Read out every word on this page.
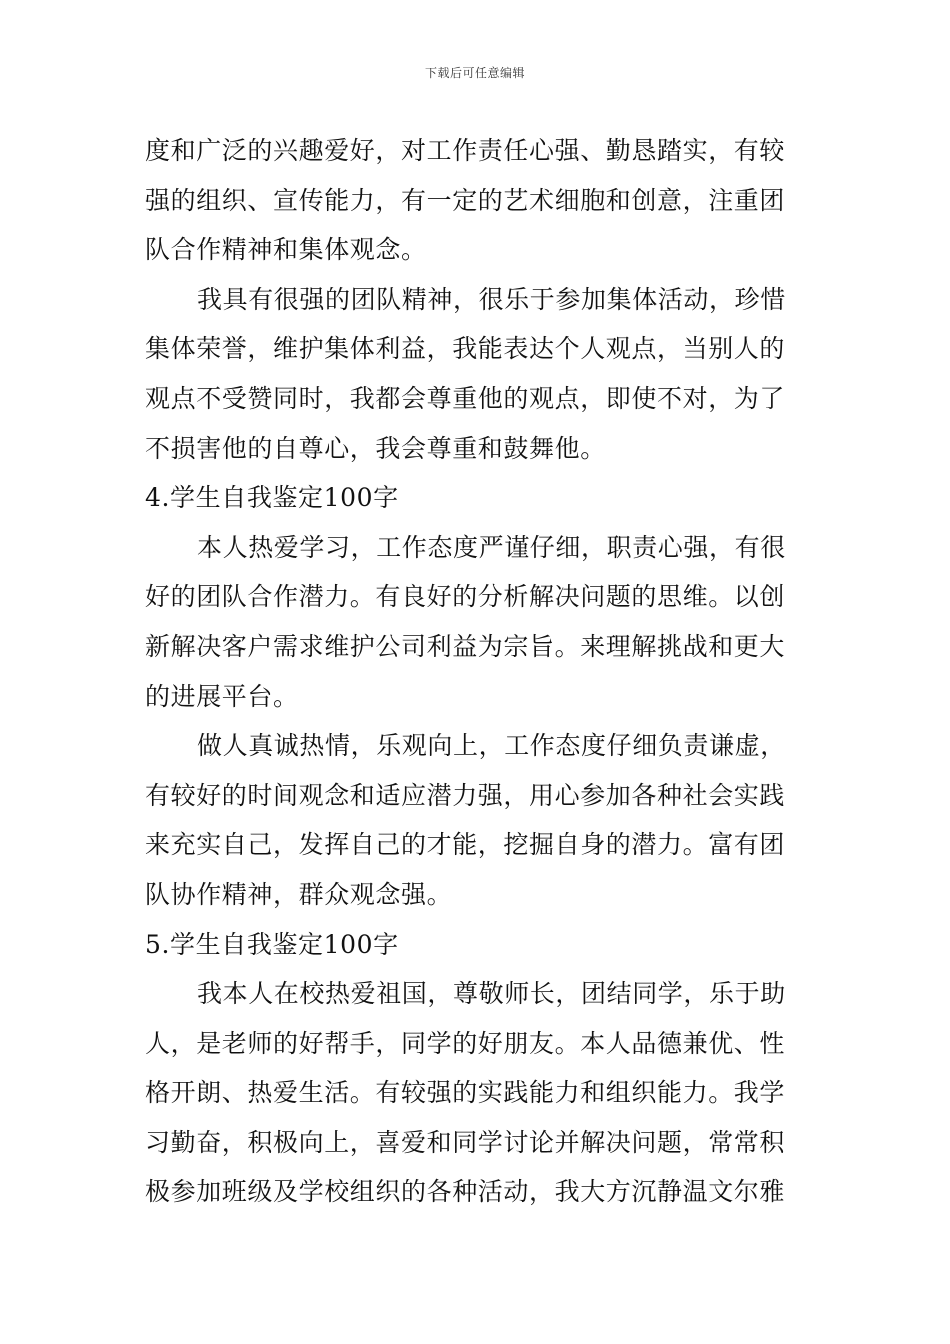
下载后可任意编辑
度和广泛的兴趣爱好，对工作责任心强、勤恳踏实，有较
强的组织、宣传能力，有一定的艺术细胞和创意，注重团
队合作精神和集体观念。
我具有很强的团队精神，很乐于参加集体活动，珍惜
集体荣誉，维护集体利益，我能表达个人观点，当别人的
观点不受赞同时，我都会尊重他的观点，即使不对，为了
不损害他的自尊心，我会尊重和鼓舞他。
4.学生自我鉴定100字
本人热爱学习，工作态度严谨仔细，职责心强，有很
好的团队合作潜力。有良好的分析解决问题的思维。以创
新解决客户需求维护公司利益为宗旨。来理解挑战和更大
的进展平台。
做人真诚热情，乐观向上，工作态度仔细负责谦虚，
有较好的时间观念和适应潜力强，用心参加各种社会实践
来充实自己，发挥自己的才能，挖掘自身的潜力。富有团
队协作精神，群众观念强。
5.学生自我鉴定100字
我本人在校热爱祖国，尊敬师长，团结同学，乐于助
人，是老师的好帮手，同学的好朋友。本人品德兼优、性
格开朗、热爱生活。有较强的实践能力和组织能力。我学
习勤奋，积极向上，喜爱和同学讨论并解决问题，常常积
极参加班级及学校组织的各种活动，我大方沉静温文尔雅
